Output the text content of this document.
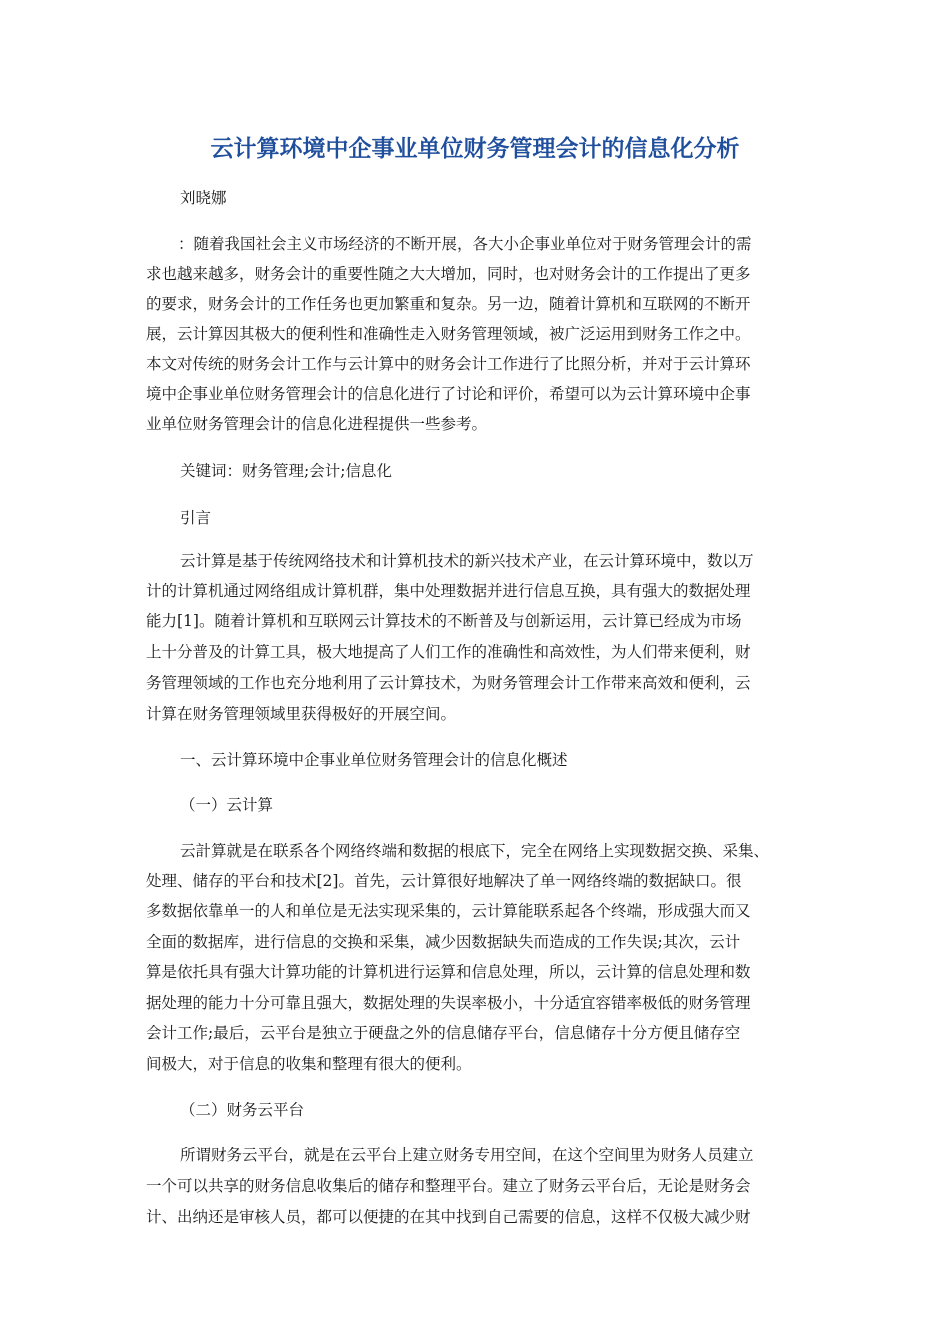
云计算环境中企事业单位财务管理会计的信息化分析
刘晓娜
：随着我国社会主义市场经济的不断开展，各大小企事业单位对于财务管理会计的需
求也越来越多，财务会计的重要性随之大大增加，同时，也对财务会计的工作提出了更多
的要求，财务会计的工作任务也更加繁重和复杂。另一边，随着计算机和互联网的不断开
展，云计算因其极大的便利性和准确性走入财务管理领域，被广泛运用到财务工作之中。
本文对传统的财务会计工作与云计算中的财务会计工作进行了比照分析，并对于云计算环
境中企事业单位财务管理会计的信息化进行了讨论和评价，希望可以为云计算环境中企事
业单位财务管理会计的信息化进程提供一些参考。
关键词：财务管理;会计;信息化
引言
云计算是基于传统网络技术和计算机技术的新兴技术产业，在云计算环境中，数以万
计的计算机通过网络组成计算机群，集中处理数据并进行信息互换，具有强大的数据处理
能力[1]。随着计算机和互联网云计算技术的不断普及与创新运用，云计算已经成为市场
上十分普及的计算工具，极大地提高了人们工作的准确性和高效性，为人们带来便利，财
务管理领域的工作也充分地利用了云计算技术，为财务管理会计工作带来高效和便利，云
计算在财务管理领域里获得极好的开展空间。
一、云计算环境中企事业单位财务管理会计的信息化概述
（一）云计算
云計算就是在联系各个网络终端和数据的根底下，完全在网络上实现数据交换、采集、
处理、储存的平台和技术[2]。首先，云计算很好地解决了单一网络终端的数据缺口。很
多数据依靠单一的人和单位是无法实现采集的，云计算能联系起各个终端，形成强大而又
全面的数据库，进行信息的交换和采集，减少因数据缺失而造成的工作失误;其次，云计
算是依托具有强大计算功能的计算机进行运算和信息处理，所以，云计算的信息处理和数
据处理的能力十分可靠且强大，数据处理的失误率极小，十分适宜容错率极低的财务管理
会计工作;最后，云平台是独立于硬盘之外的信息储存平台，信息储存十分方便且储存空
间极大，对于信息的收集和整理有很大的便利。
（二）财务云平台
所谓财务云平台，就是在云平台上建立财务专用空间，在这个空间里为财务人员建立
一个可以共享的财务信息收集后的储存和整理平台。建立了财务云平台后，无论是财务会
计、出纳还是审核人员，都可以便捷的在其中找到自己需要的信息，这样不仅极大减少财
